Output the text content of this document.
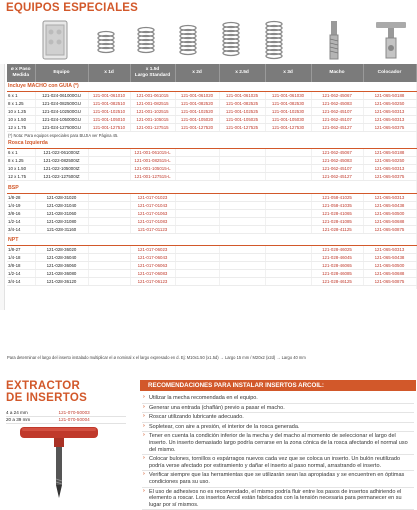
EQUIPOS ESPECIALES
ø x Paso
Medida	Equipo	x 1d	x 1.5d
Largo Standard	x 2d	x 2.5d	x 3d	Macho	Colocador
Incluye MACHO con GUIA (*)								
6 x 1	121-024-061000GU	121-001-061010	121-001-061015	121-001-061020	121-001-061025	121-001-061030	121-062-45067	121-065-50188
8 x 1.25	121-024-082500GU	121-001-082510	121-001-082515	121-001-082520	121-001-082525	121-001-082530	121-062-45083	121-065-50250
10 x 1.25	121-024-102500GU	121-001-102510	121-001-102515	121-001-102520	121-001-102525	121-001-102530	121-062-45107	121-065-50313
10 x 1.50	121-024-105000GU	121-001-105010	121-001-105015	121-001-105020	121-001-105025	121-001-105030	121-062-45107	121-065-50313
12 x 1.75	121-024-127500GU	121-001-127510	121-001-127515	121-001-127520	121-001-127525	121-001-127530	121-062-45127	121-065-50375
(*) Nota: Para equipos especiales para BUJIA ver Página 45.								
Rosca Izquierda								
6 x 1	121-022-061000IZ		121-001-061015-L				121-062-45067	121-065-50188
8 x 1.25	121-022-082500IZ		121-001-082515-L				121-062-45083	121-065-50250
10 x 1.50	121-022-105000IZ		121-001-105015-L				121-062-45107	121-065-50313
12 x 1.75	121-022-127500IZ		121-001-127515-L				121-062-45127	121-065-50375

BSP								
1/8-28	121-028-31020		121-017-01023				121-058-41025	121-065-50313
1/4-19	121-028-31040		121-017-01043				121-058-41035	121-065-50438
3/8-16	121-028-31060		121-017-01063				121-028-41065	121-065-50500
1/2-14	121-028-31080		121-017-01083				121-028-41085	121-065-50688
3/4-14	121-028-31160		121-017-01123				121-028-41125	121-065-50875

NPT								
1/8-27	121-028-36020		121-017-06023				121-028-46025	121-065-50313
1/4-18	121-028-36040		121-017-06043				121-028-46045	121-065-50438
3/8-18	121-028-36060		121-017-06063				121-028-46065	121-065-50500
1/2-14	121-028-36080		121-017-06083				121-028-46085	121-065-50688
3/4-14	121-028-36120		121-017-06123				121-028-46125	121-065-50875

Para determinar el largo del inserto instalado multiplicar el ø nominal x el largo expresado en d. Ej: M10x1.50 (x1.5d) → Largo 15 mm / M20x2 (x2d) → Largo 40 mm
EXTRACTOR
DE INSERTOS
4 a 24 mm	121-070-50003
20 a 39 mm	121-070-50004
RECOMENDACIONES PARA INSTALAR INSERTOS ARCOIL:
› Utilizar la mecha recomendada en el equipo.
› Generar una entrada (chaflán) previo a pasar el macho.
› Roscar utilizando lubricante adecuado.
› Sopletear, con aire a presión, el interior de la rosca generada.
› Tener en cuenta la condición inferior de la mecha y del macho al momento de seleccionar el largo del inserto. Un inserto demasiado largo podría cerrarse en la zona cónica de la rosca afectando el normal uso del mismo.
› Colocar bulones, tornillos o espárragos nuevos cada vez que se coloca un inserto. Un bulón reutilizado podría verse afectado por estiramiento y dañar el inserto al paso normal, arrastrando el inserto.
› Verificar siempre que las herramientas que se utilizarán sean las apropiadas y se encuentren en óptimas condiciones para su uso.
› El uso de adhesivos no es recomendado, el mismo podría fluir entre los pasos de insertos adhiriendo el elemento a roscar. Los insertos Arcoil están fabricados con la tensión necesaria para permanecer en su lugar por sí mismos.
